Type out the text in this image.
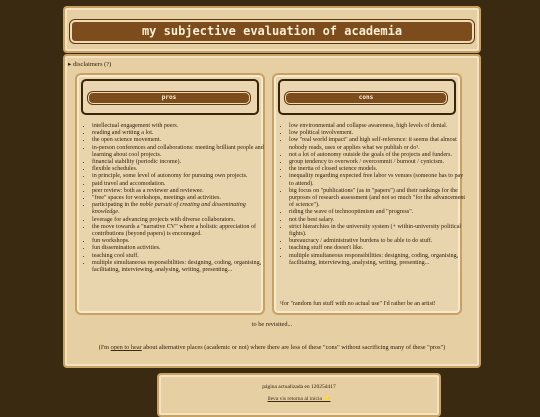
my subjective evaluation of academia
▸ disclaimers (?)
pros
• intellectual engagement with peers.
• reading and writing a lot.
• the open science movement.
• in-person conferences and collaborations: meeting brilliant people and learning about cool projects.
• financial stability (periodic income).
• flexible schedules.
• in principle, some level of autonomy for pursuing own projects.
• paid travel and accomodation.
• peer review: both as a reviewer and reviewee.
• "free" spaces for workshops, meetings and activities.
• participating in the noble pursuit of creating and disseminating knowledge.
• leverage for advancing projects with diverse collaborators.
• the move towards a "narrative CV" where a holistic appreciation of contributions (beyond papers) is encouraged.
• fun workshops.
• fun dissemination activities.
• teaching cool stuff.
• multiple simultaneous responsibilities: designing, coding, organising, facilitating, interviewing, analysing, writing, presenting...
cons
• low environmental and collapse awareness, high levels of denial.
• low political involvement.
• low "real world impact" and high self-reference: it seems that almost nobody reads, uses or applies what we publish or do¹.
• not a lot of autonomy outside the goals of the projects and funders.
• group tendency to overwork / overcommit / burnout / cynicism.
• the inertia of closed science models.
• inequality regarding expected free labor vs venues (someone has to pay to attend).
• big focus on "publications" (as in "papers") and their rankings for the purposes of research assessment (and not so much "for the advancement of science").
• riding the wave of technooptimism and "progress".
• not the best salary.
• strict hierarchies in the university system (+ within-university political fights).
• bureaucracy / administrative burdens to be able to do stuff.
• teaching stuff one doesn't like.
• multiple simultaneous responsibilities: designing, coding, organising, facilitating, interviewing, analysing, writing, presenting...
¹for "random fun stuff with no actual use" I'd rather be an artist!
to be revisited...
(I'm open to hear about alternative places (academic or not) where there are less of these "cons" without sacrificing many of these "pros")
página actualizada en 12025d417
lleva vis retorna al inicio ⭐
